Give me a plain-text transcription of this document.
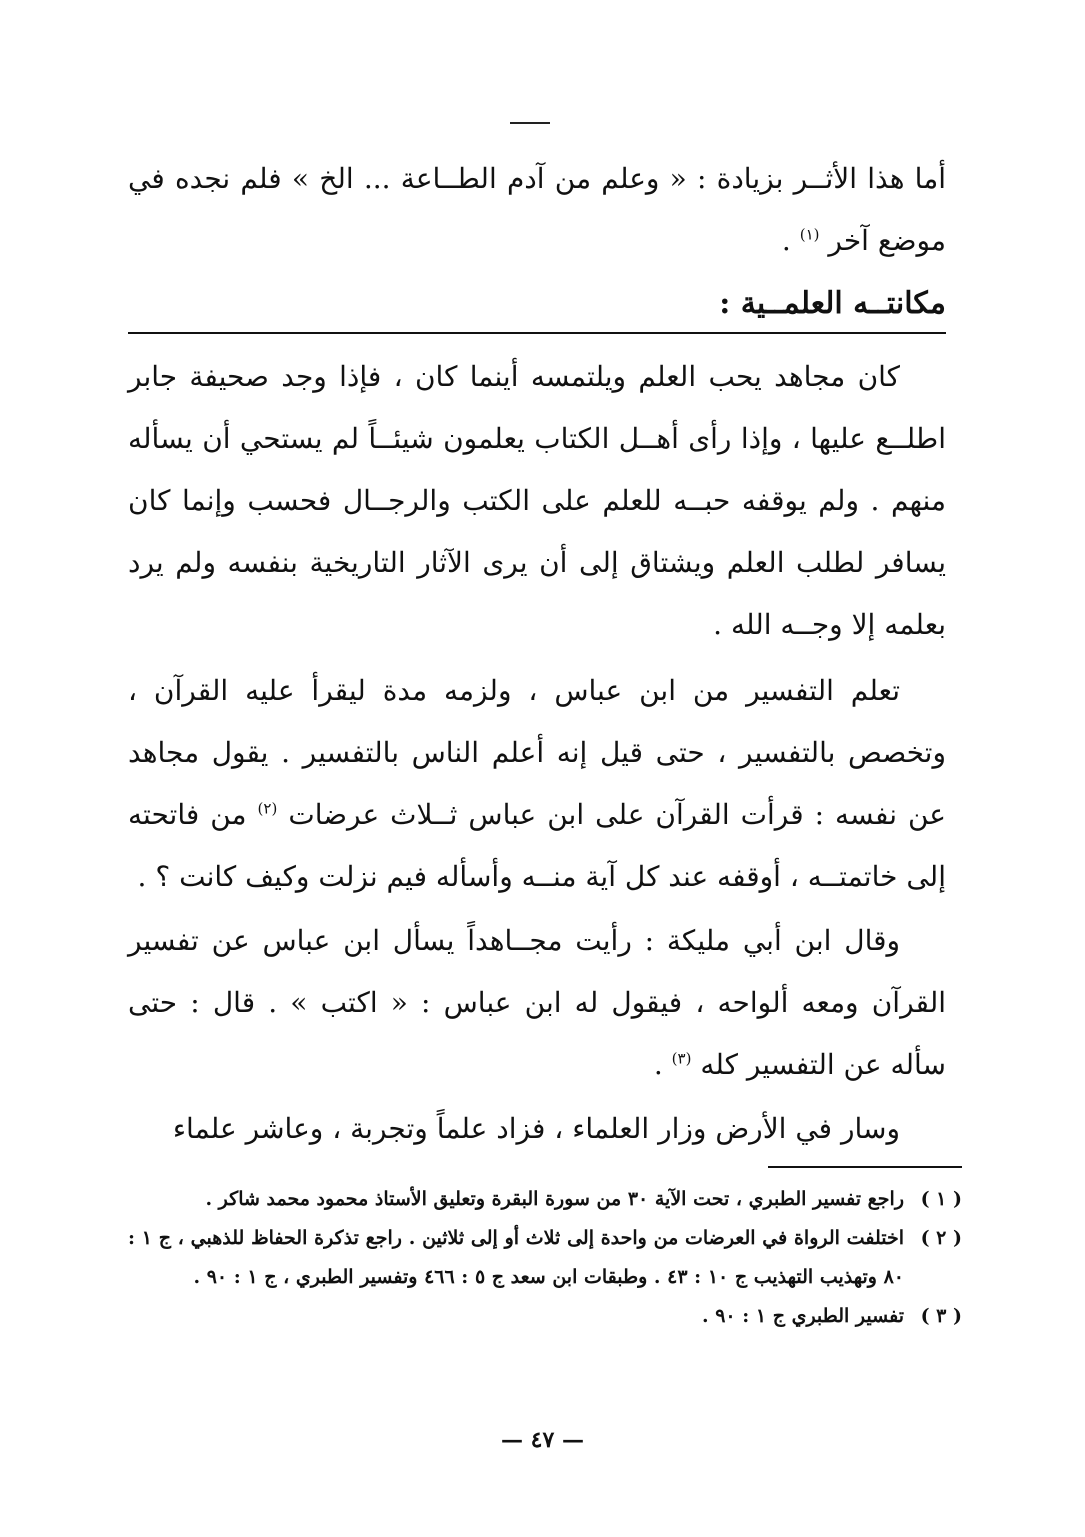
أما هذا الأثــر بزيادة : « وعلم من آدم الطــاعة ... الخ » فلم نجده في موضع آخر $^{(١)}$ .

مكانتــه العلمــية :

كان مجاهد يحب العلم ويلتمسه أينما كان ، فإذا وجد صحيفة جابر اطلــع عليها ، وإذا رأى أهــل الكتاب يعلمون شيئــاً لم يستحي أن يسأله منهم . ولم يوقفه حبــه للعلم على الكتب والرجــال فحسب وإنما كان يسافر لطلب العلم ويشتاق إلى أن يرى الآثار التاريخية بنفسه ولم يرد بعلمه إلا وجــه الله .

تعلم التفسير من ابن عباس ، ولزمه مدة ليقرأ عليه القرآن ، وتخصص بالتفسير ، حتى قيل إنه أعلم الناس بالتفسير . يقول مجاهد عن نفسه : قرأت القرآن على ابن عباس ثــلاث عرضات $^{(٢)}$ من فاتحته إلى خاتمتــه ، أوقفه عند كل آية منــه وأسأله فيم نزلت وكيف كانت ؟ .

وقال ابن أبي مليكة : رأيت مجــاهداً يسأل ابن عباس عن تفسير القرآن ومعه ألواحه ، فيقول له ابن عباس : « اكتب » . قال : حتى سأله عن التفسير كله $^{(٣)}$ .

وسار في الأرض وزار العلماء ، فزاد علماً وتجربة ، وعاشر علماء

( ١ )
راجع تفسير الطبري ، تحت الآية ٣٠ من سورة البقرة وتعليق الأستاذ محمود محمد شاكر .
( ٢ )
اختلفت الرواة في العرضات من واحدة إلى ثلاث أو إلى ثلاثين . راجع تذكرة الحفاظ للذهبي ، ج ١ : ٨٠ وتهذيب التهذيب ج ١٠ : ٤٣ . وطبقات ابن سعد ج ٥ : ٤٦٦ وتفسير الطبري ، ج ١ : ٩٠ .
( ٣ )
تفسير الطبري ج ١ : ٩٠ .
— ٤٧ —
